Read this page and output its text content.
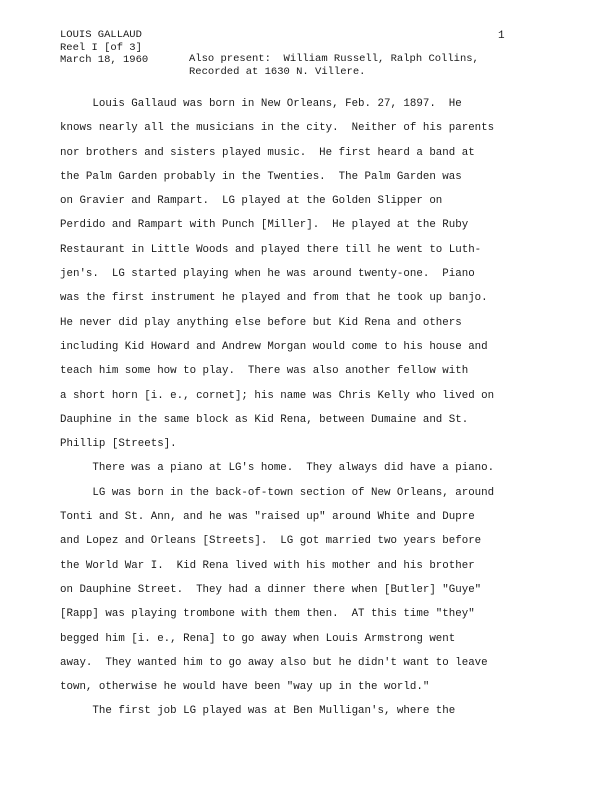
LOUIS GALLAUD
Reel I [of 3]
March 18, 1960	Also present:  William Russell, Ralph Collins,
Recorded at 1630 N. Villere.
1
Louis Gallaud was born in New Orleans, Feb. 27, 1897.  He
knows nearly all the musicians in the city.  Neither of his parents
nor brothers and sisters played music.  He first heard a band at
the Palm Garden probably in the Twenties.  The Palm Garden was
on Gravier and Rampart.  LG played at the Golden Slipper on
Perdido and Rampart with Punch [Miller].  He played at the Ruby
Restaurant in Little Woods and played there till he went to Luth-
jen's.  LG started playing when he was around twenty-one.  Piano
was the first instrument he played and from that he took up banjo.
He never did play anything else before but Kid Rena and others
including Kid Howard and Andrew Morgan would come to his house and
teach him some how to play.  There was also another fellow with
a short horn [i. e., cornet]; his name was Chris Kelly who lived on
Dauphine in the same block as Kid Rena, between Dumaine and St.
Phillip [Streets].
There was a piano at LG's home.  They always did have a piano.
LG was born in the back-of-town section of New Orleans, around
Tonti and St. Ann, and he was "raised up" around White and Dupre
and Lopez and Orleans [Streets].  LG got married two years before
the World War I.  Kid Rena lived with his mother and his brother
on Dauphine Street.  They had a dinner there when [Butler] "Guye"
[Rapp] was playing trombone with them then.  AT this time "they"
begged him [i. e., Rena] to go away when Louis Armstrong went
away.  They wanted him to go away also but he didn't want to leave
town, otherwise he would have been "way up in the world."
The first job LG played was at Ben Mulligan's, where the
